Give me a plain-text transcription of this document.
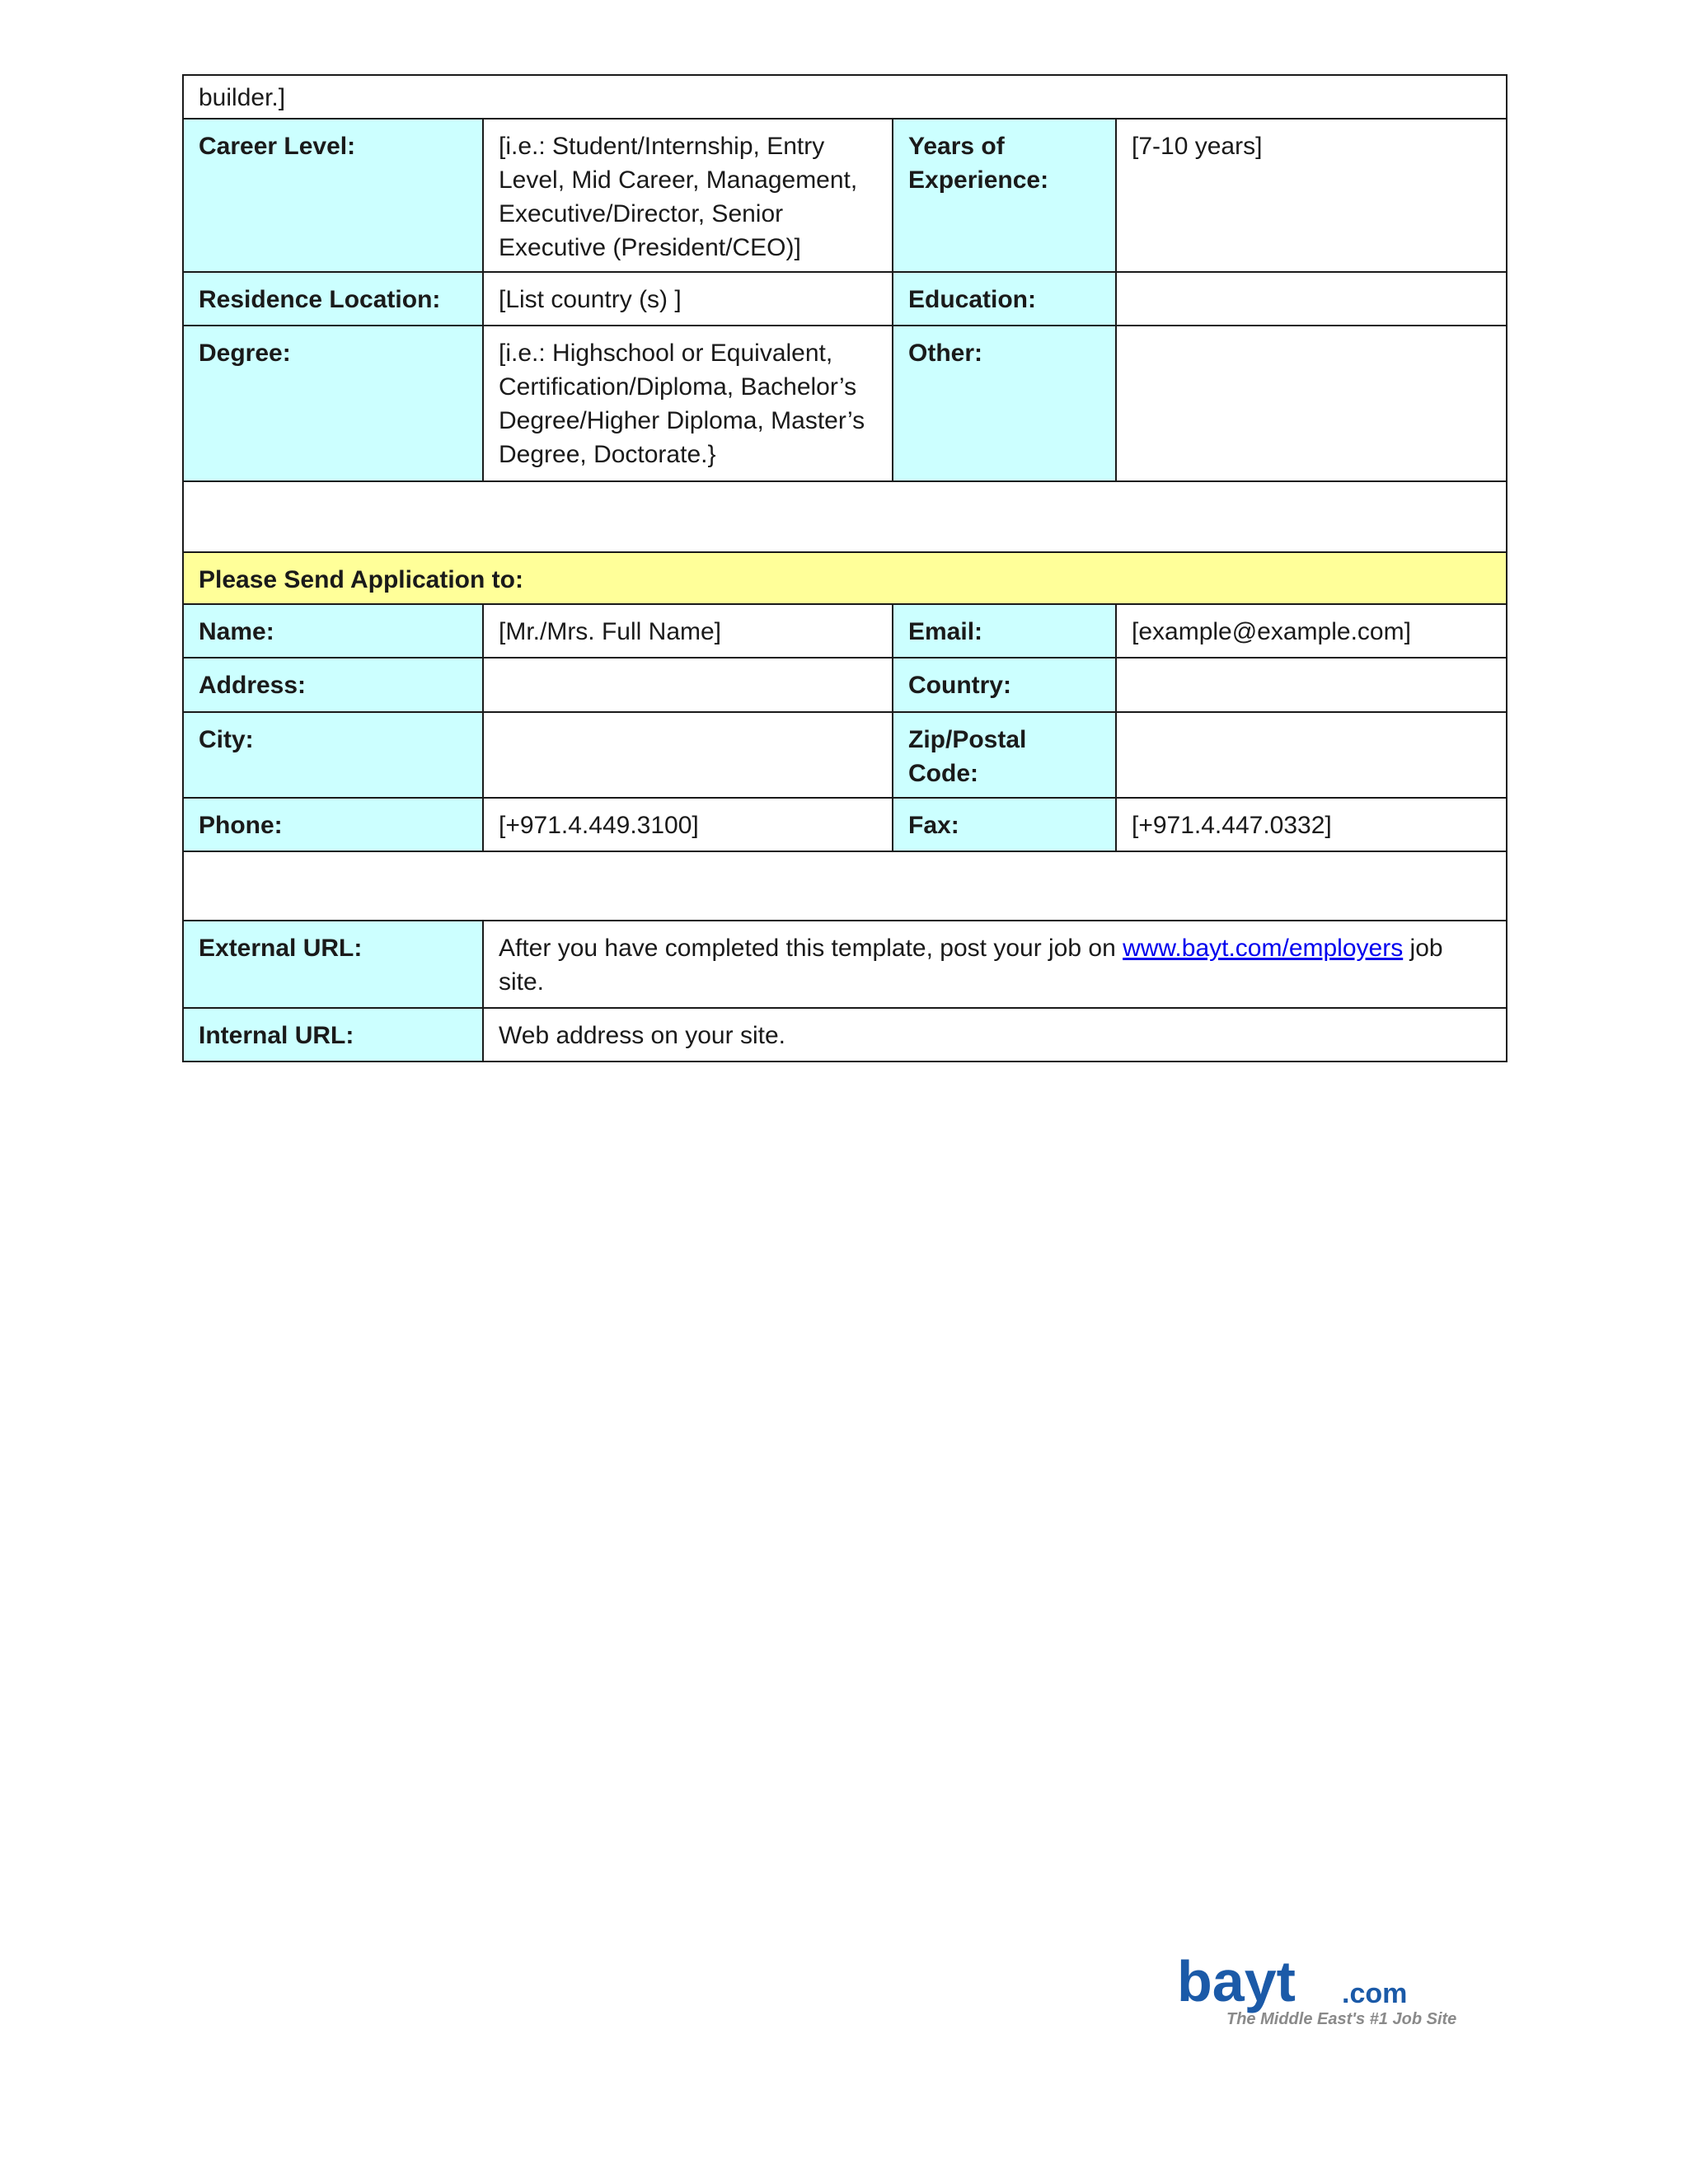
builder.]			
Career Level:	[i.e.: Student/Internship, Entry Level, Mid Career, Management, Executive/Director, Senior Executive (President/CEO)]	Years of Experience:	[7-10 years]
Residence Location:	[List country (s) ]	Education:	
Degree:	[i.e.: Highschool or Equivalent, Certification/Diploma, Bachelor’s Degree/Higher Diploma, Master’s Degree, Doctorate.}	Other:	

Please Send Application to:			
Name:	[Mr./Mrs. Full Name]	Email:	[example@example.com]
Address:		Country:	
City:		Zip/Postal Code:	
Phone:	[+971.4.449.3100]	Fax:	[+971.4.447.0332]

External URL:	After you have completed this template, post your job on www.bayt.com/employers job site.		
Internal URL:	Web address on your site.		
bayt .com
The Middle East's #1 Job Site
